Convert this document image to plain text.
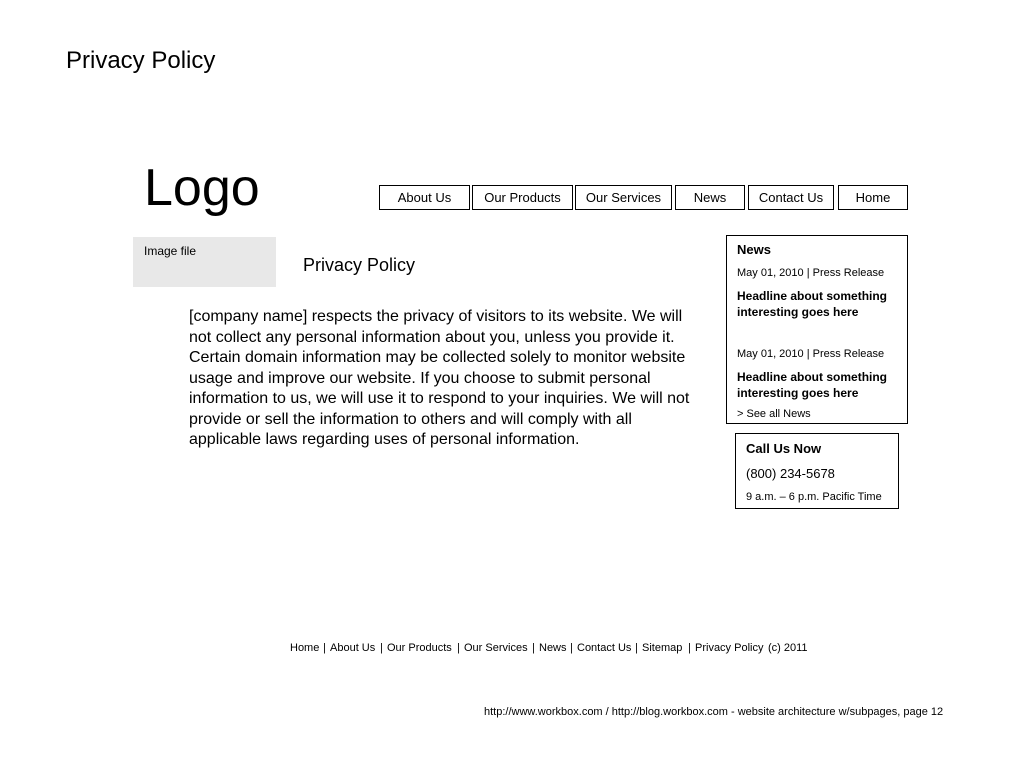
Privacy Policy
Logo	About Us	Our Products	Our Services	News	Contact Us	Home
Image file
Privacy Policy

[company name] respects the privacy of visitors to its website. We will not collect any personal information about you, unless you provide it. Certain domain information may be collected solely to monitor website usage and improve our website. If you choose to submit personal information to us, we will use it to respond to your inquiries. We will not provide or sell the information to others and will comply with all applicable laws regarding uses of personal information.

News
May 01, 2010 | Press Release
Headline about something interesting goes here
May 01, 2010 | Press Release
Headline about something interesting goes here
> See all News
Call Us Now
(800) 234-5678
9 a.m. – 6 p.m. Pacific Time
Home | About Us | Our Products | Our Services | News | Contact Us | Sitemap | Privacy Policy (c) 2011
http://www.workbox.com / http://blog.workbox.com - website architecture w/subpages, page 12
